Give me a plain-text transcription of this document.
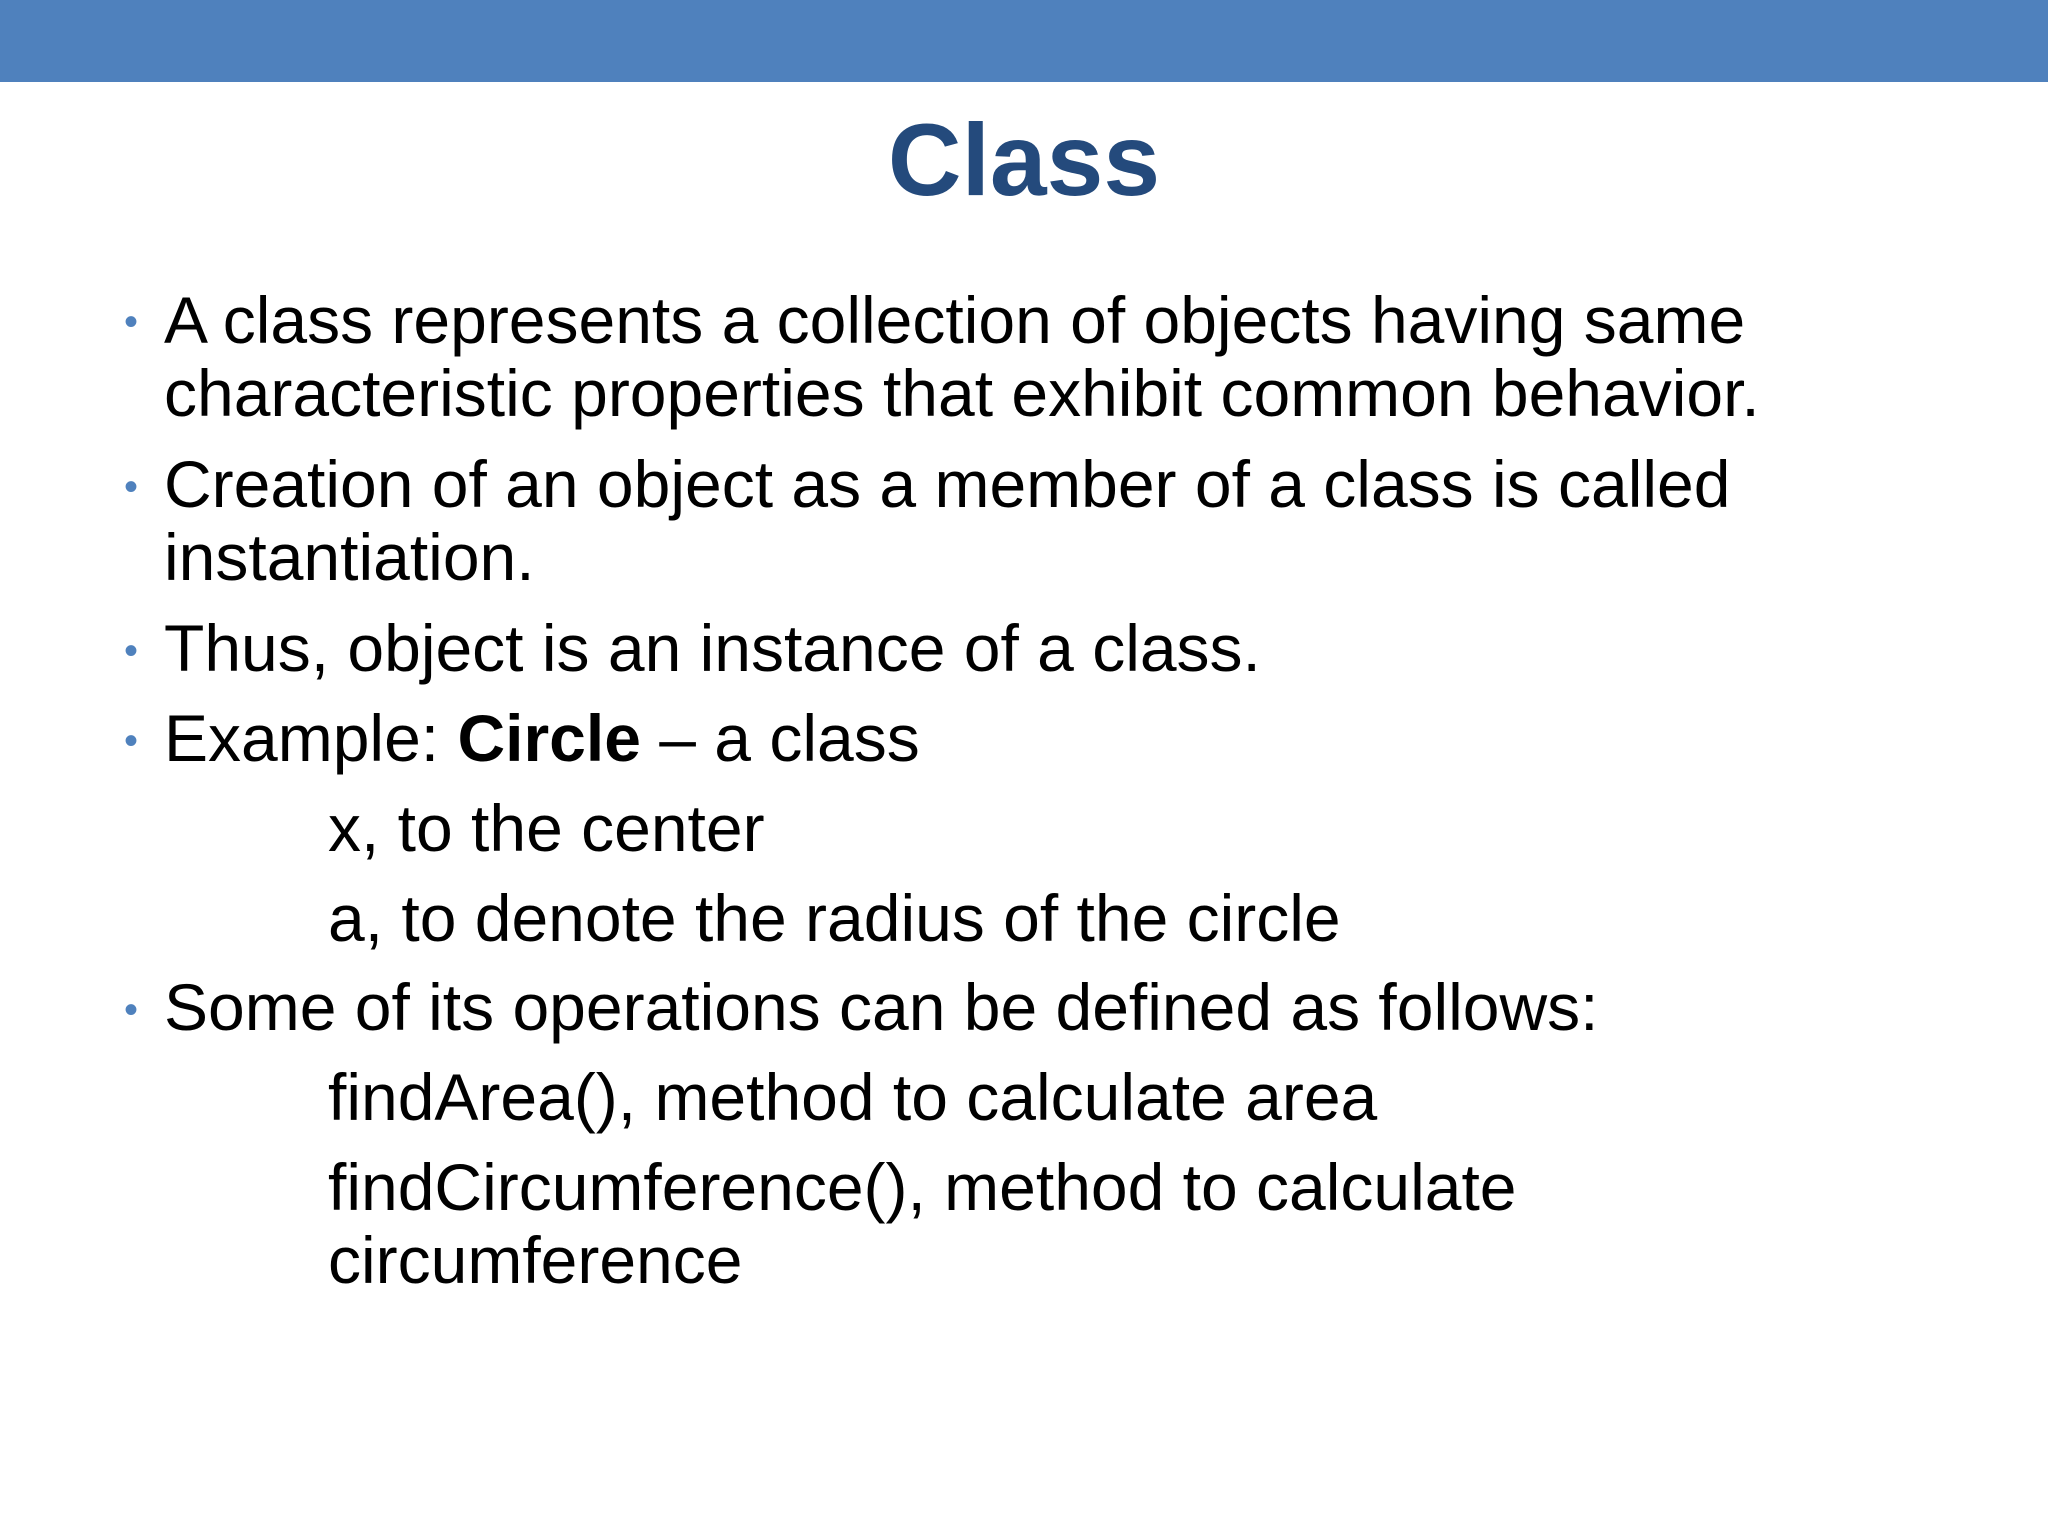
Class
• A class represents a collection of objects having same
characteristic properties that exhibit common behavior.
• Creation of an object as a member of a class is called
instantiation.
• Thus, object is an instance of a class.
• Example: Circle – a class
x, to the center
a, to denote the radius of the circle
• Some of its operations can be defined as follows:
findArea(), method to calculate area
findCircumference(), method to calculate
circumference
